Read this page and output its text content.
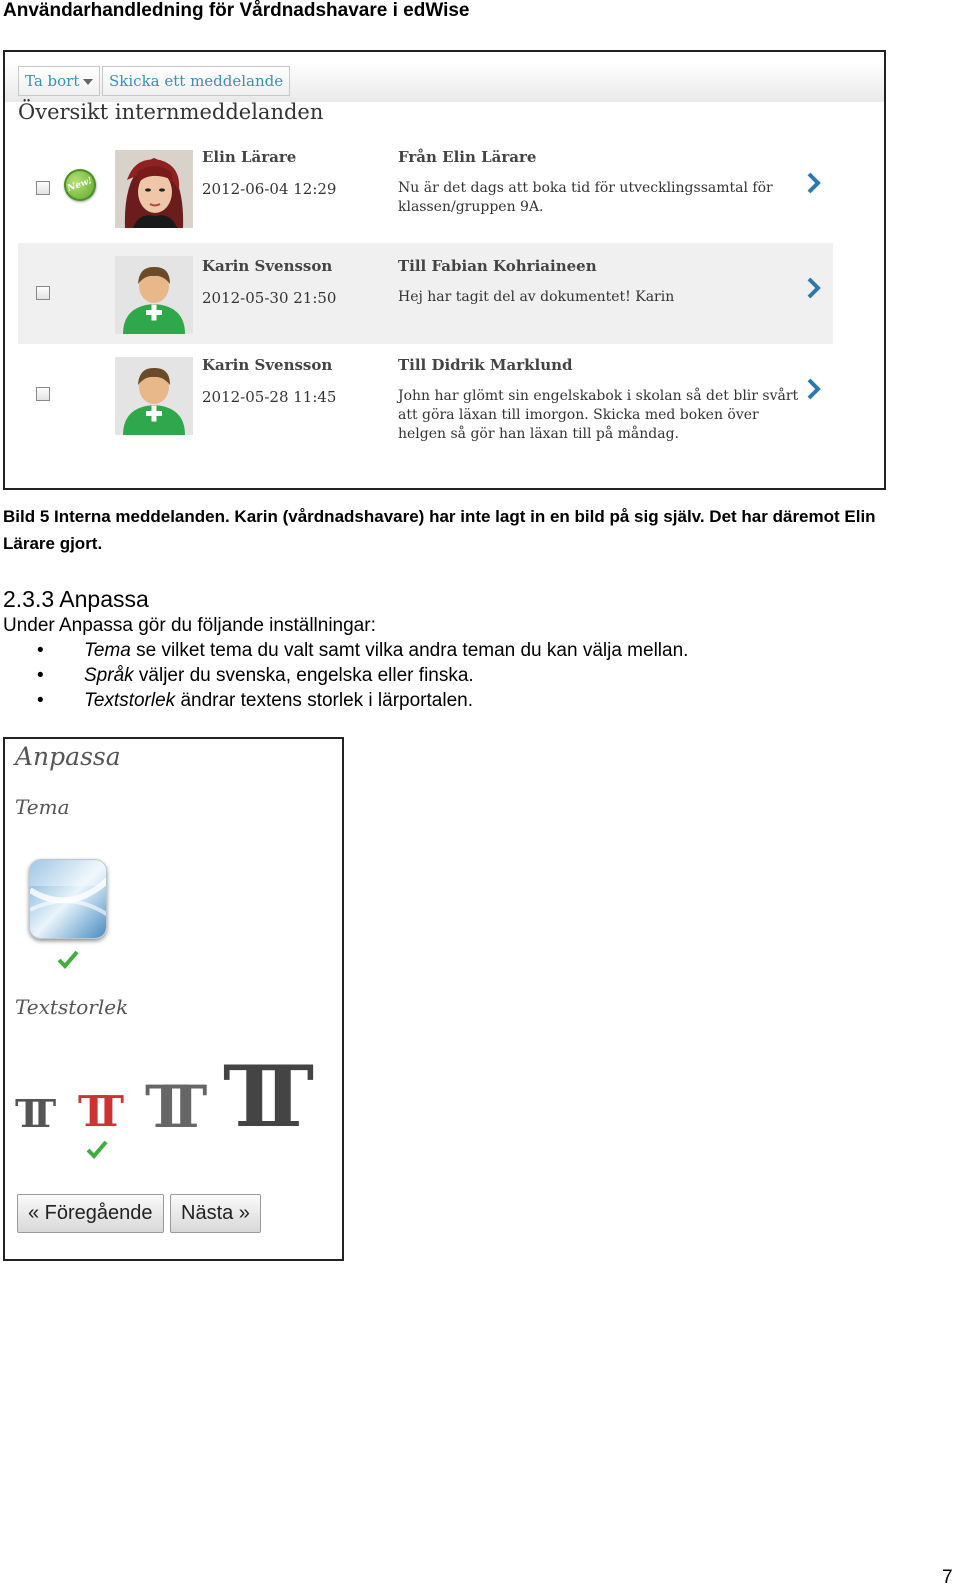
Användarhandledning för Vårdnadshavare i edWise
Ta bort	Skicka ett meddelande
Översikt internmeddelanden
New!
Elin Lärare
2012-06-04 12:29
Från Elin Lärare
Nu är det dags att boka tid för utvecklingssamtal för klassen/gruppen 9A.
Karin Svensson
2012-05-30 21:50
Till Fabian Kohriaineen
Hej har tagit del av dokumentet! Karin
Karin Svensson
2012-05-28 11:45
Till Didrik Marklund
John har glömt sin engelskabok i skolan så det blir svårt att göra läxan till imorgon. Skicka med boken över helgen så gör han läxan till på måndag.
Bild 5 Interna meddelanden. Karin (vårdnadshavare) har inte lagt in en bild på sig själv. Det har däremot Elin Lärare gjort.
2.3.3 Anpassa
Under Anpassa gör du följande inställningar:
• Tema se vilket tema du valt samt vilka andra teman du kan välja mellan.
• Språk väljer du svenska, engelska eller finska.
• Textstorlek ändrar textens storlek i lärportalen.
Anpassa
Tema
Textstorlek
TT TT TT TT
« Föregående	Nästa »
7
